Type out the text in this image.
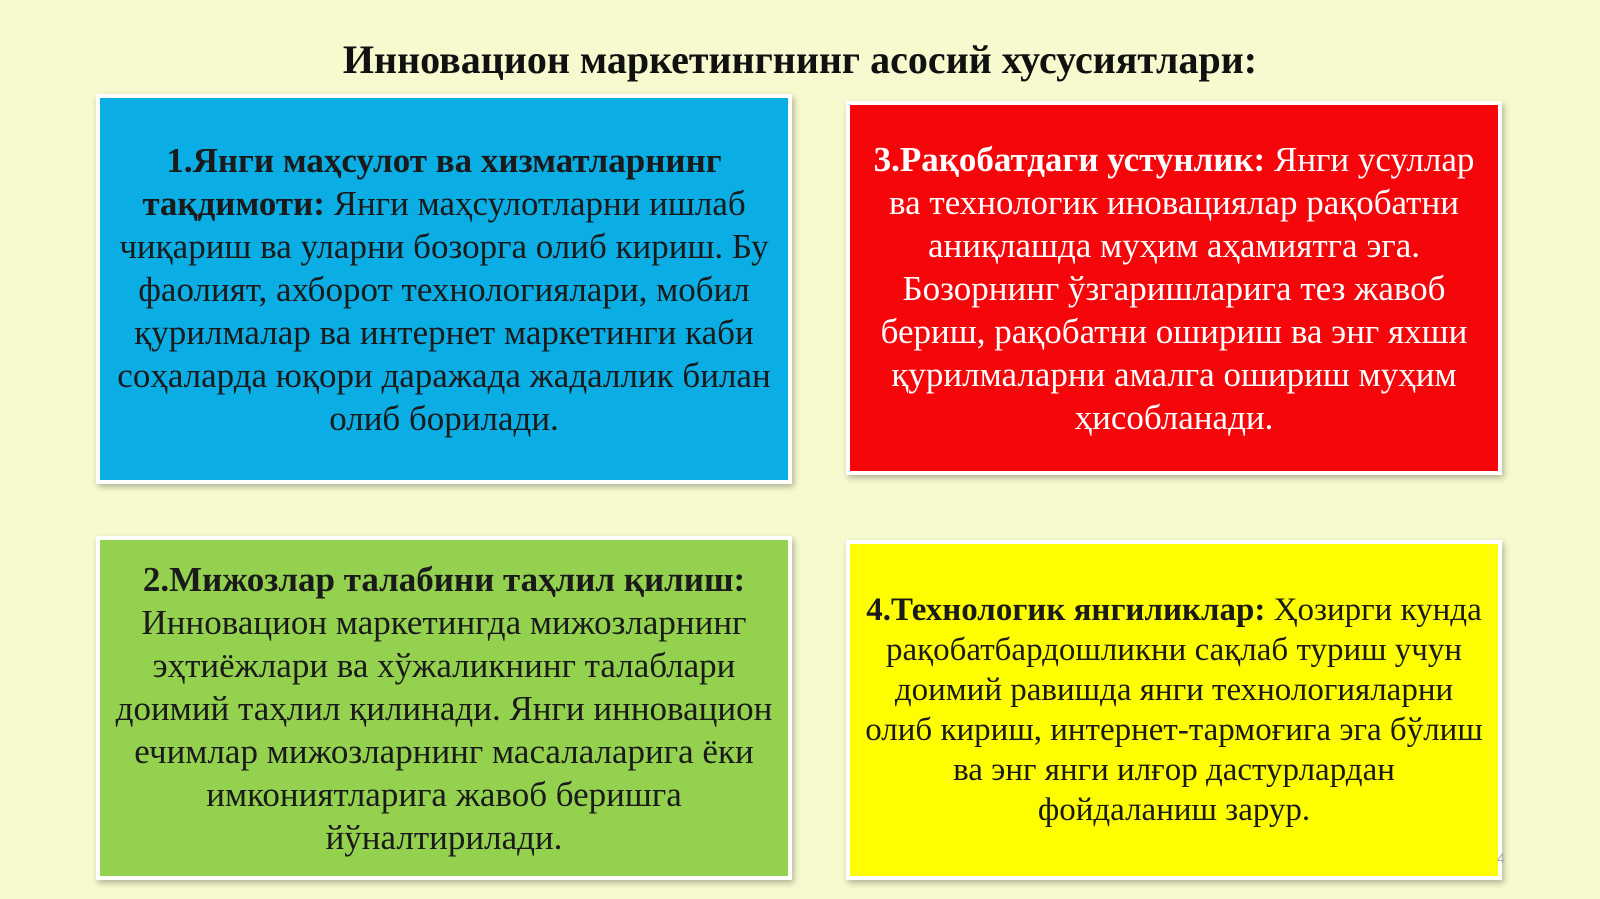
Инновацион маркетингнинг асосий хусусиятлари:

1.Янги маҳсулот ва хизматларнинг тақдимоти: Янги маҳсулотларни ишлаб чиқариш ва уларни бозорга олиб кириш. Бу фаолият, ахборот технологиялари, мобил қурилмалар ва интернет маркетинги каби соҳаларда юқори даражада жадаллик билан олиб борилади.

3.Рақобатдаги устунлик: Янги усуллар ва технологик иновациялар рақобатни аниқлашда муҳим аҳамиятга эга. Бозорнинг ўзгаришларига тез жавоб бериш, рақобатни ошириш ва энг яхши қурилмаларни амалга ошириш муҳим ҳисобланади.

2.Мижозлар талабини таҳлил қилиш: Инновацион маркетингда мижозларнинг эҳтиёжлари ва хўжаликнинг талаблари доимий таҳлил қилинади. Янги инновацион ечимлар мижозларнинг масалаларига ёки имкониятларига жавоб беришга йўналтирилади.

4.Технологик янгиликлар: Ҳозирги кунда рақобатбардошликни сақлаб туриш учун доимий равишда янги технологияларни олиб кириш, интернет-тармоғига эга бўлиш ва энг янги илғор дастурлардан фойдаланиш зарур.

4
